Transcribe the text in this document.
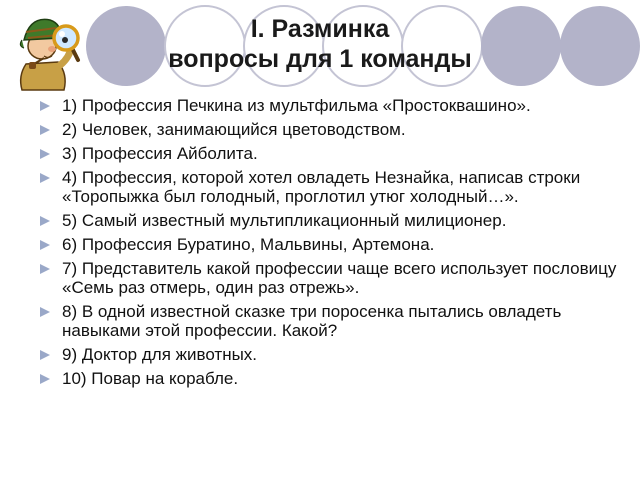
I. Разминка
вопросы для 1 команды
1) Профессия Печкина из мультфильма «Простоквашино».
2) Человек, занимающийся цветоводством.
3) Профессия Айболита.
4) Профессия, которой хотел овладеть Незнайка, написав строки «Торопыжка был голодный, проглотил утюг холодный…».
5) Самый известный мультипликационный милиционер.
6) Профессия Буратино, Мальвины, Артемона.
7) Представитель какой профессии чаще всего использует пословицу «Семь раз отмерь, один раз отрежь».
8) В одной известной сказке три поросенка пытались овладеть навыками этой профессии. Какой?
9) Доктор для животных.
10) Повар на корабле.
